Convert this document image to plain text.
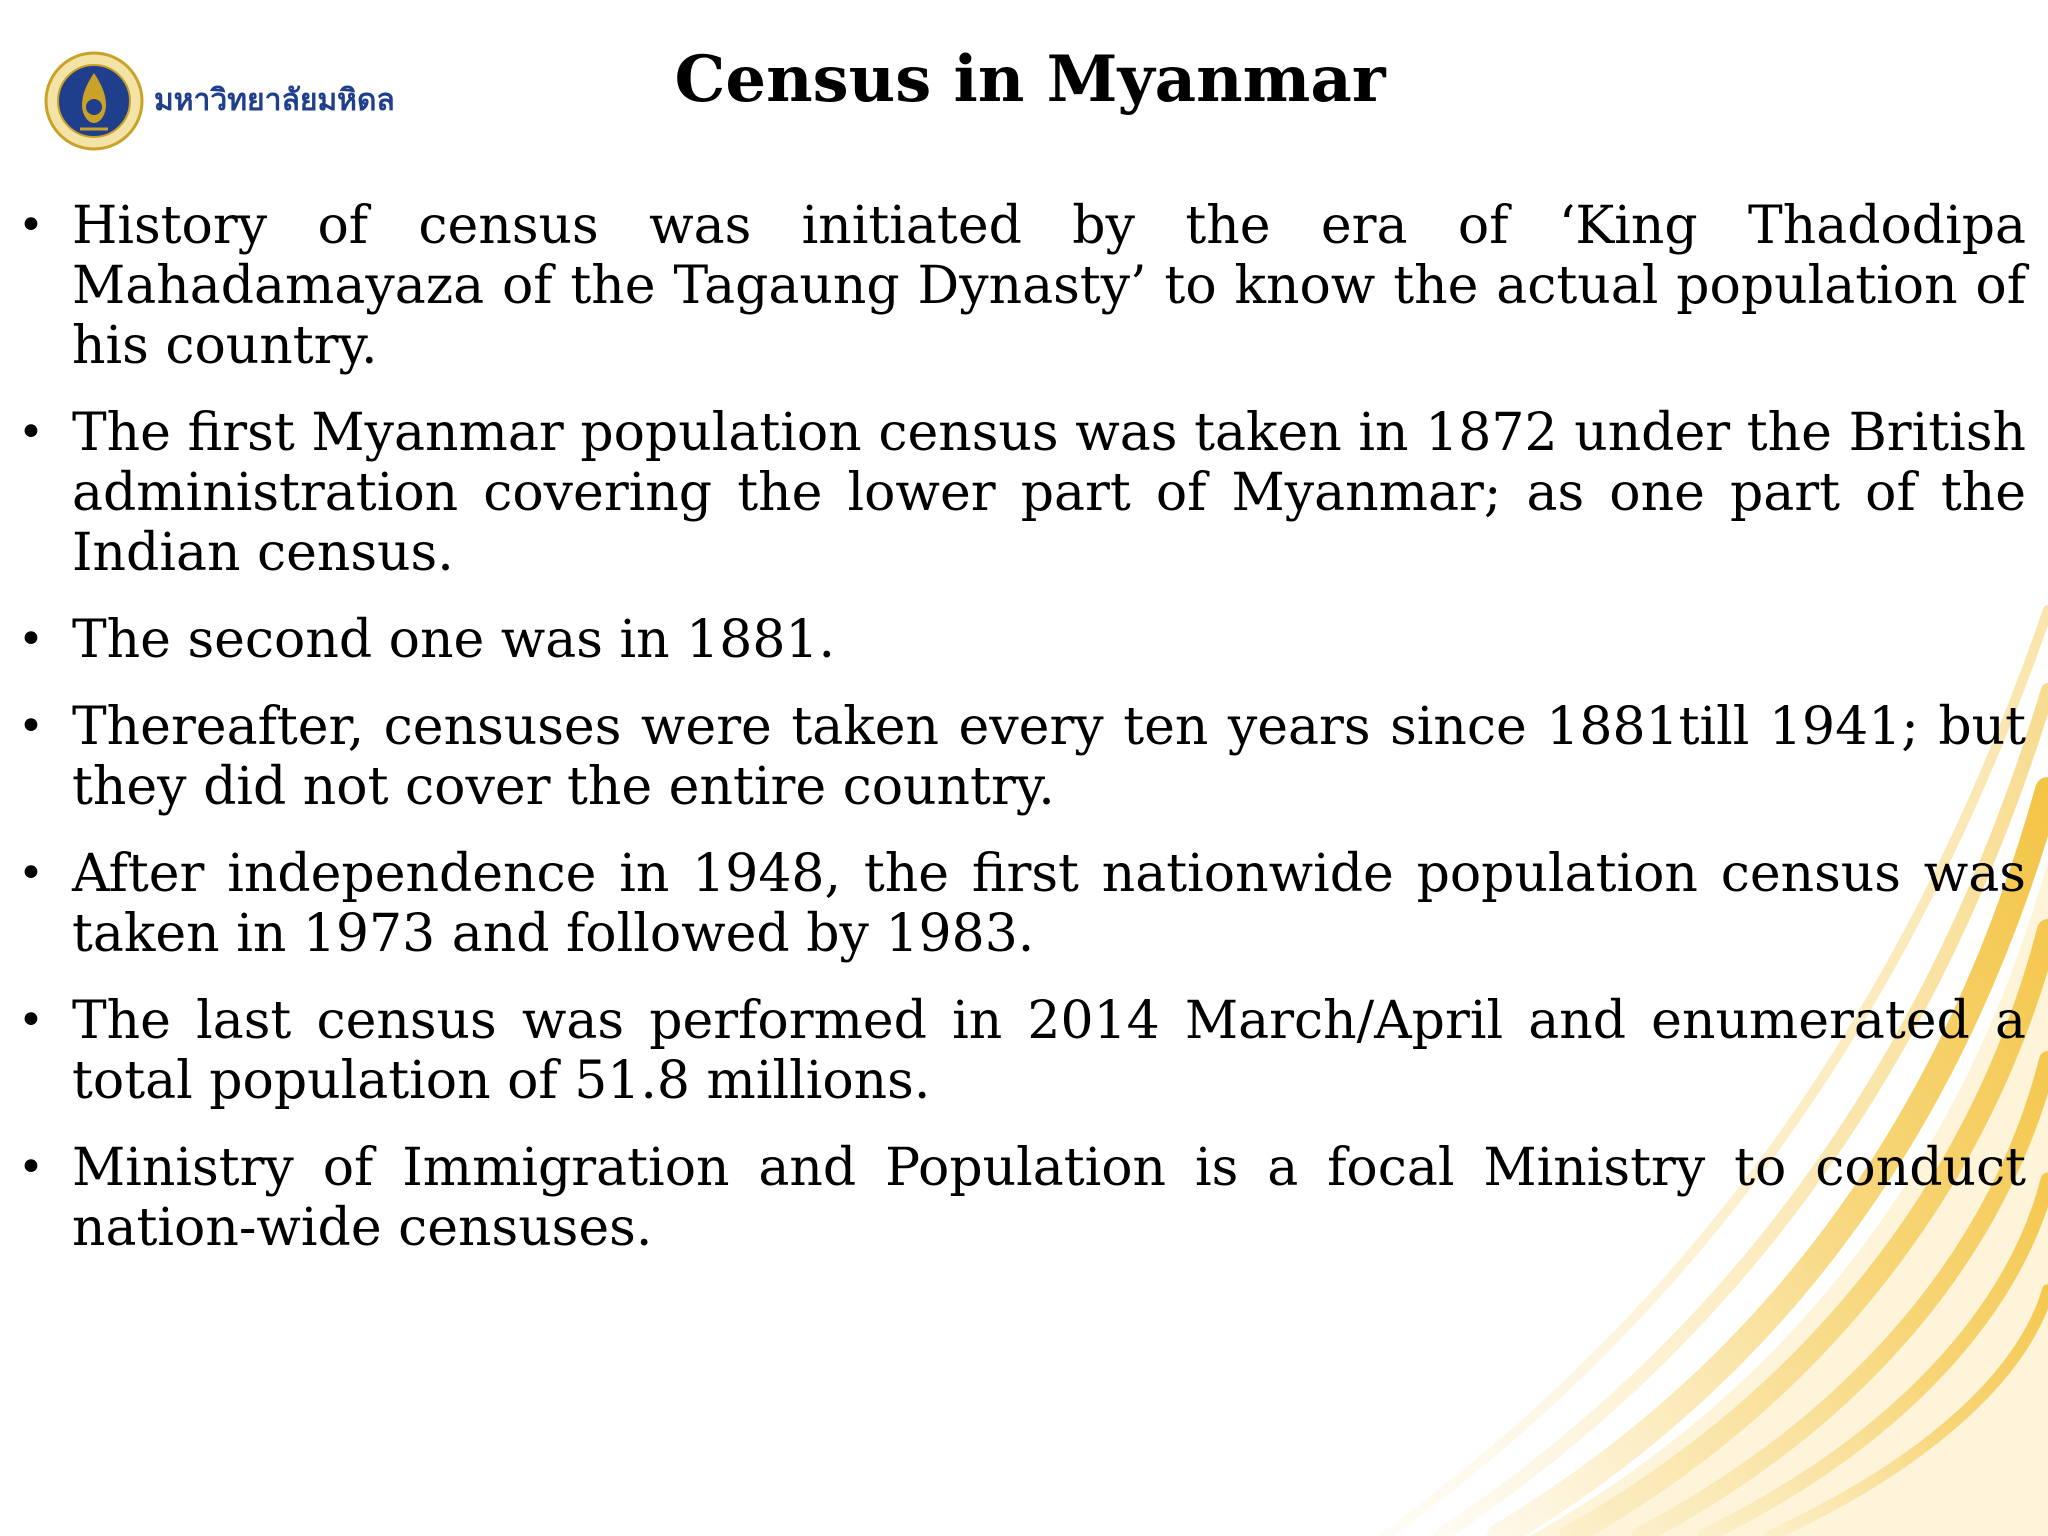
มหาวิทยาลัยมหิดล	Census in Myanmar
• History of census was initiated by the era of ‘King Thadodipa Mahadamayaza of the Tagaung Dynasty’ to know the actual population of his country.
• The first Myanmar population census was taken in 1872 under the British administration covering the lower part of Myanmar; as one part of the Indian census.
• The second one was in 1881.
• Thereafter, censuses were taken every ten years since 1881till 1941; but they did not cover the entire country.
• After independence in 1948, the first nationwide population census was taken in 1973 and followed by 1983.
• The last census was performed in 2014 March/April and enumerated a total population of 51.8 millions.
• Ministry of Immigration and Population is a focal Ministry to conduct nation-wide censuses.
